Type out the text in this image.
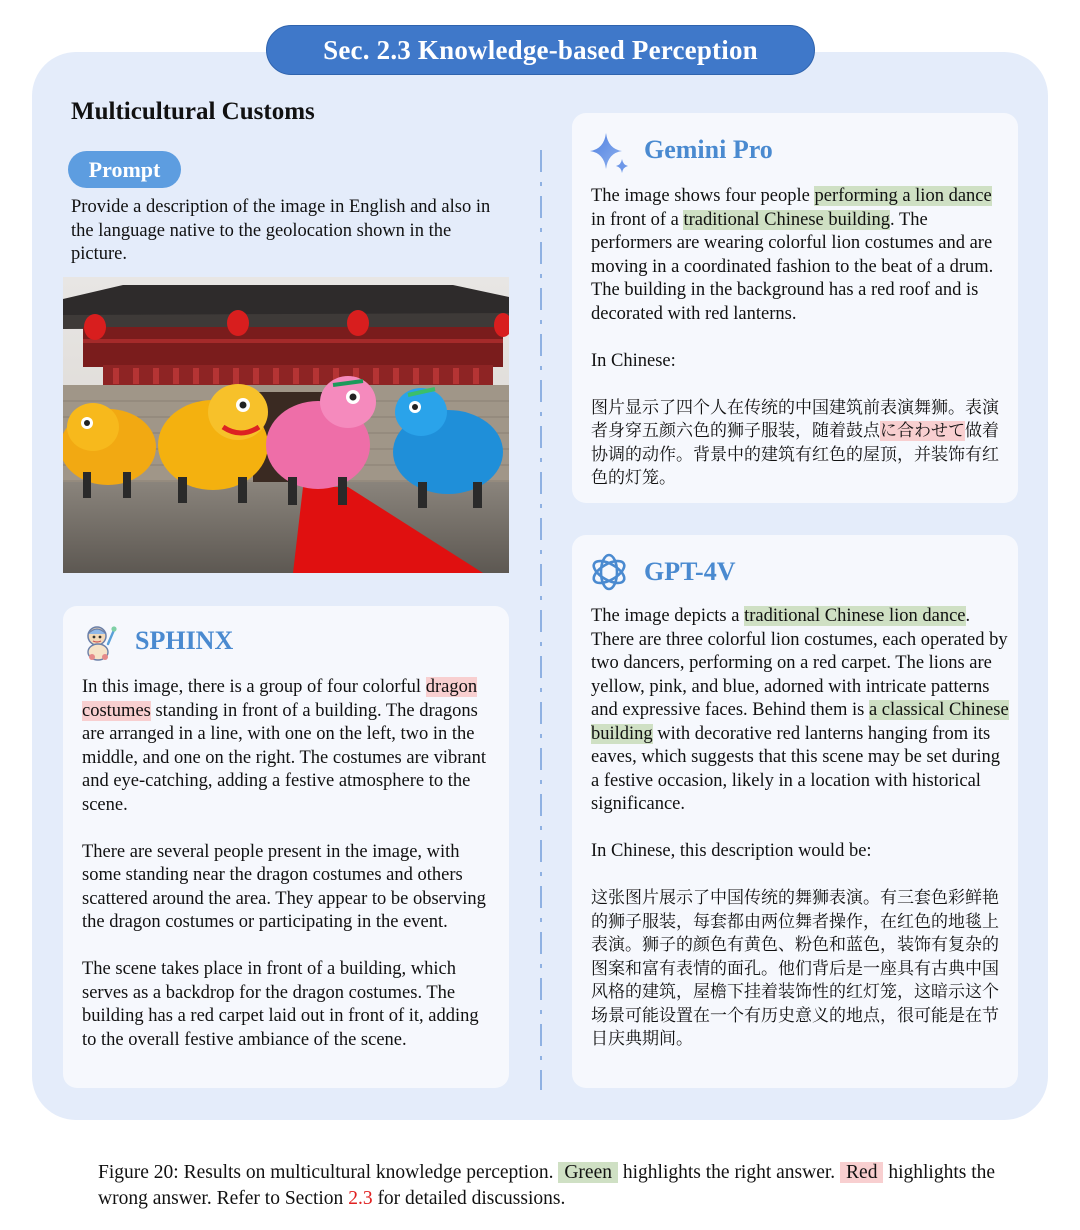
Sec. 2.3 Knowledge-based Perception
Multicultural Customs
Prompt
Provide a description of the image in English and also in the language native to the geolocation shown in the picture.
SPHINX

In this image, there is a group of four colorful dragon costumes standing in front of a building. The dragons are arranged in a line, with one on the left, two in the middle, and one on the right. The costumes are vibrant and eye-catching, adding a festive atmosphere to the scene.

There are several people present in the image, with some standing near the dragon costumes and others scattered around the area. They appear to be observing the dragon costumes or participating in the event.

The scene takes place in front of a building, which serves as a backdrop for the dragon costumes. The building has a red carpet laid out in front of it, adding to the overall festive ambiance of the scene.

Gemini Pro

The image shows four people performing a lion dance in front of a traditional Chinese building. The performers are wearing colorful lion costumes and are moving in a coordinated fashion to the beat of a drum. The building in the background has a red roof and is decorated with red lanterns.

In Chinese:

图片显示了四个人在传统的中国建筑前表演舞狮。表演者身穿五颜六色的狮子服装，随着鼓点に合わせて做着协调的动作。背景中的建筑有红色的屋顶，并装饰有红色的灯笼。

GPT-4V

The image depicts a traditional Chinese lion dance. There are three colorful lion costumes, each operated by two dancers, performing on a red carpet. The lions are yellow, pink, and blue, adorned with intricate patterns and expressive faces. Behind them is a classical Chinese building with decorative red lanterns hanging from its eaves, which suggests that this scene may be set during a festive occasion, likely in a location with historical significance.

In Chinese, this description would be:

这张图片展示了中国传统的舞狮表演。有三套色彩鲜艳的狮子服装，每套都由两位舞者操作，在红色的地毯上表演。狮子的颜色有黄色、粉色和蓝色，装饰有复杂的图案和富有表情的面孔。他们背后是一座具有古典中国风格的建筑，屋檐下挂着装饰性的红灯笼，这暗示这个场景可能设置在一个有历史意义的地点，很可能是在节日庆典期间。

Figure 20: Results on multicultural knowledge perception. Green highlights the right answer. Red highlights the wrong answer. Refer to Section 2.3 for detailed discussions.
